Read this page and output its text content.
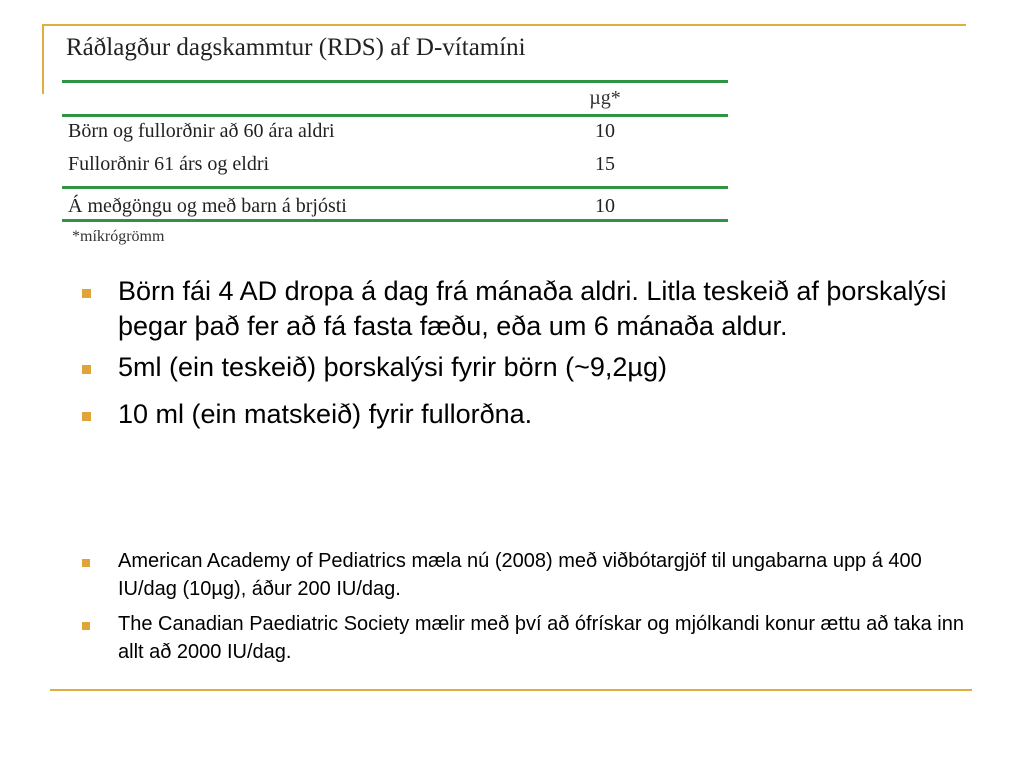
Ráðlagður dagskammtur (RDS) af D-vítamíni
µg*
Börn og fullorðnir að 60 ára aldri	10
Fullorðnir 61 árs og eldri	15
Á meðgöngu og með barn á brjósti	10
*míkrógrömm
Börn fái 4 AD dropa á dag frá mánaða aldri. Litla teskeið af þorskalýsi þegar það fer að fá fasta fæðu, eða um 6 mánaða aldur.
5ml (ein teskeið) þorskalýsi fyrir börn (~9,2µg)
10 ml (ein matskeið) fyrir fullorðna.
American Academy of Pediatrics mæla nú (2008) með viðbótargjöf til ungabarna upp á 400 IU/dag (10µg), áður 200 IU/dag.
The Canadian Paediatric Society mælir með því að ófrískar og mjólkandi konur ættu að taka inn allt að 2000 IU/dag.
